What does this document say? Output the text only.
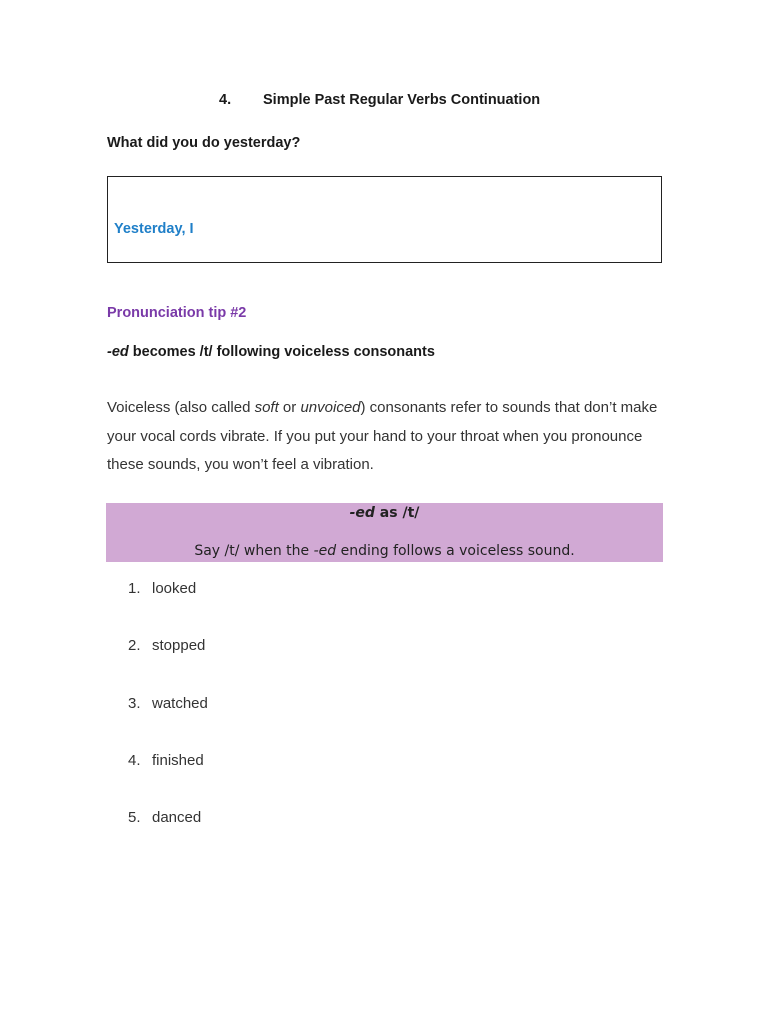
4. Simple Past Regular Verbs Continuation
What did you do yesterday?
Yesterday, I
Pronunciation tip #2
-ed becomes /t/ following voiceless consonants
Voiceless (also called soft or unvoiced) consonants refer to sounds that don’t make your vocal cords vibrate. If you put your hand to your throat when you pronounce these sounds, you won’t feel a vibration.
-ed as /t/
Say /t/ when the -ed ending follows a voiceless sound.
1. looked
2. stopped
3. watched
4. finished
5. danced
